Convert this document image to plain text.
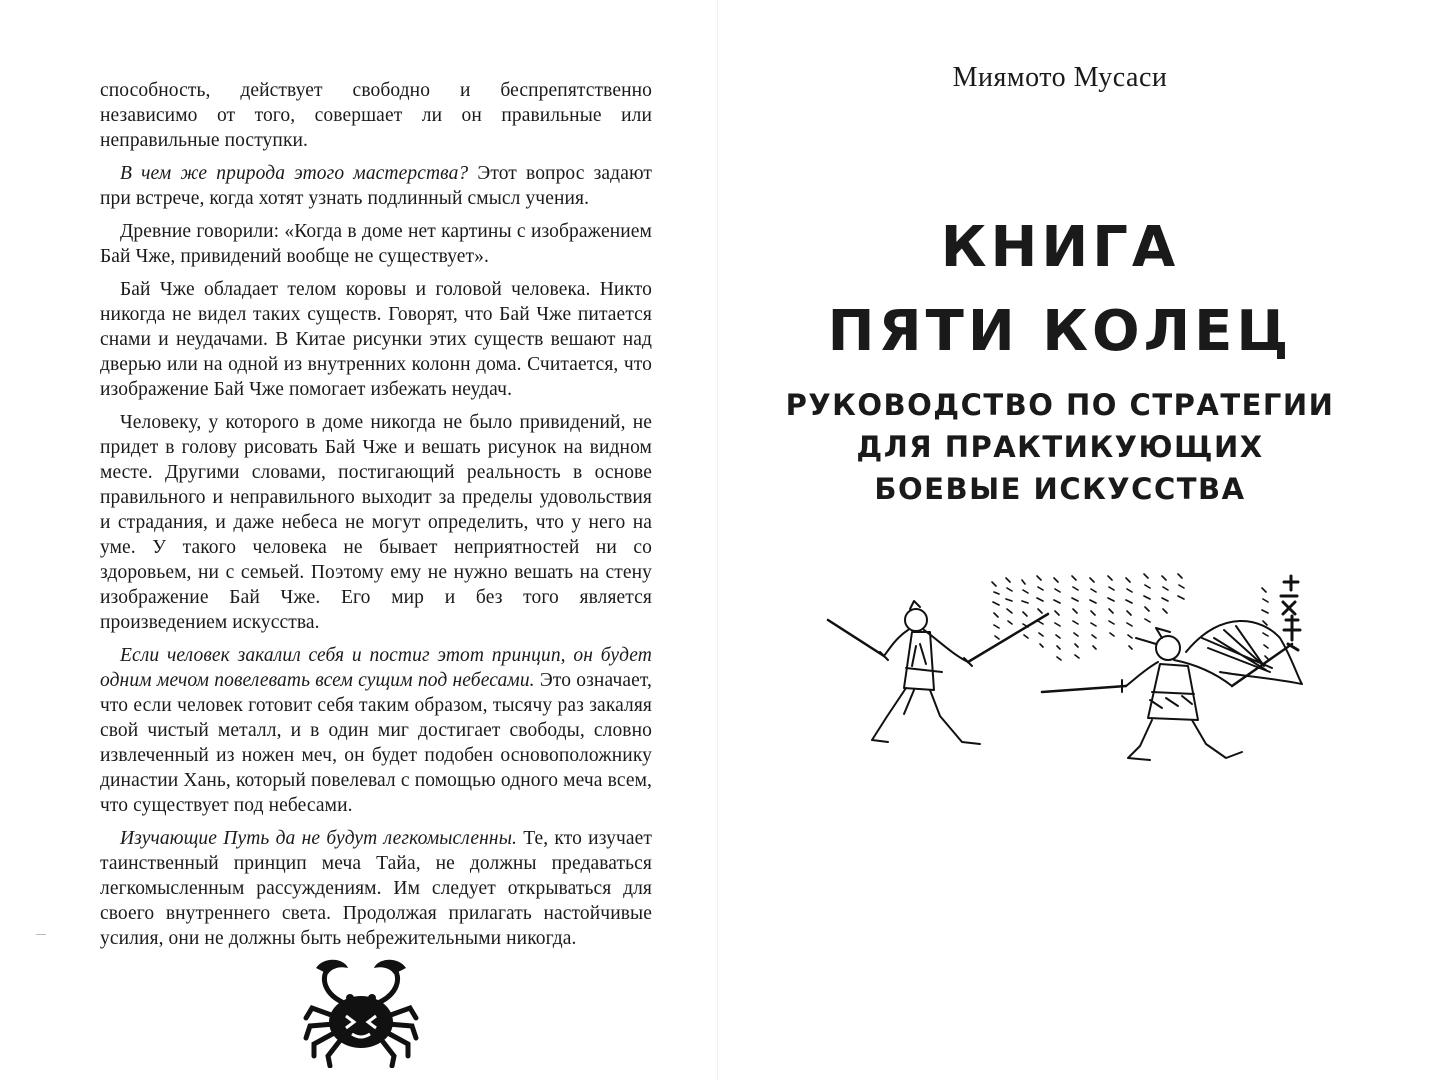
способность, действует свободно и беспрепятственно независимо от того, совершает ли он правильные или неправильные поступки.

В чем же природа этого мастерства? Этот вопрос задают при встрече, когда хотят узнать подлинный смысл учения.

Древние говорили: «Когда в доме нет картины с изображением Бай Чже, привидений вообще не существует».

Бай Чже обладает телом коровы и головой человека. Никто никогда не видел таких существ. Говорят, что Бай Чже питается снами и неудачами. В Китае рисунки этих существ вешают над дверью или на одной из внутренних колонн дома. Считается, что изображение Бай Чже помогает избежать неудач.

Человеку, у которого в доме никогда не было привидений, не придет в голову рисовать Бай Чже и вешать рисунок на видном месте. Другими словами, постигающий реальность в основе правильного и неправильного выходит за пределы удовольствия и страдания, и даже небеса не могут определить, что у него на уме. У такого человека не бывает неприятностей ни со здоровьем, ни с семьей. Поэтому ему не нужно вешать на стену изображение Бай Чже. Его мир и без того является произведением искусства.

Если человек закалил себя и постиг этот принцип, он будет одним мечом повелевать всем сущим под небесами. Это означает, что если человек готовит себя таким образом, тысячу раз закаляя свой чистый металл, и в один миг достигает свободы, словно извлеченный из ножен меч, он будет подобен основоположнику династии Хань, который повелевал с помощью одного меча всем, что существует под небесами.

Изучающие Путь да не будут легкомысленны. Те, кто изучает таинственный принцип меча Тайа, не должны предаваться легкомысленным рассуждениям. Им следует открываться для своего внутреннего света. Продолжая прилагать настойчивые усилия, они не должны быть небрежительными никогда.

Миямото Мусаси
КНИГА
ПЯТИ КОЛЕЦ
РУКОВОДСТВО ПО СТРАТЕГИИ
ДЛЯ ПРАКТИКУЮЩИХ
БОЕВЫЕ ИСКУССТВА
